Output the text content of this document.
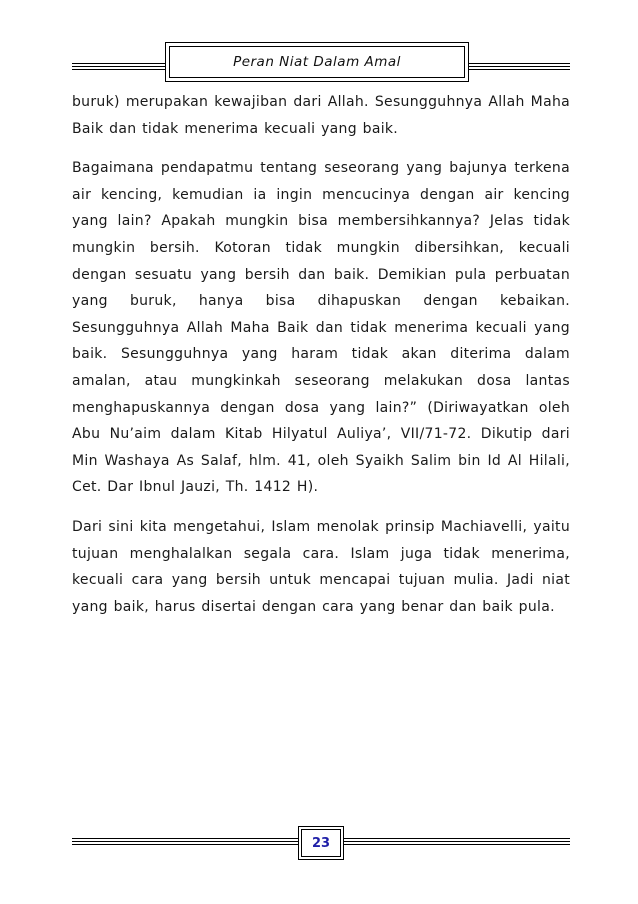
Peran Niat Dalam Amal

buruk) merupakan kewajiban dari Allah. Sesungguhnya Allah Maha Baik dan tidak menerima kecuali yang baik.

Bagaimana pendapatmu tentang seseorang yang bajunya terkena air kencing, kemudian ia ingin mencucinya dengan air kencing yang lain? Apakah mungkin bisa membersihkannya? Jelas tidak mungkin bersih. Kotoran tidak mungkin dibersihkan, kecuali dengan sesuatu yang bersih dan baik. Demikian pula perbuatan yang buruk, hanya bisa dihapuskan dengan kebaikan. Sesungguhnya Allah Maha Baik dan tidak menerima kecuali yang baik. Sesungguhnya yang haram tidak akan diterima dalam amalan, atau mungkinkah seseorang melakukan dosa lantas menghapuskannya dengan dosa yang lain?” (Diriwayatkan oleh Abu Nu’aim dalam Kitab Hilyatul Auliya’, VII/71-72. Dikutip dari Min Washaya As Salaf, hlm. 41, oleh Syaikh Salim bin Id Al Hilali, Cet. Dar Ibnul Jauzi, Th. 1412 H).

Dari sini kita mengetahui, Islam menolak prinsip Machiavelli, yaitu tujuan menghalalkan segala cara. Islam juga tidak menerima, kecuali cara yang bersih untuk mencapai tujuan mulia. Jadi niat yang baik, harus disertai dengan cara yang benar dan baik pula.

23
